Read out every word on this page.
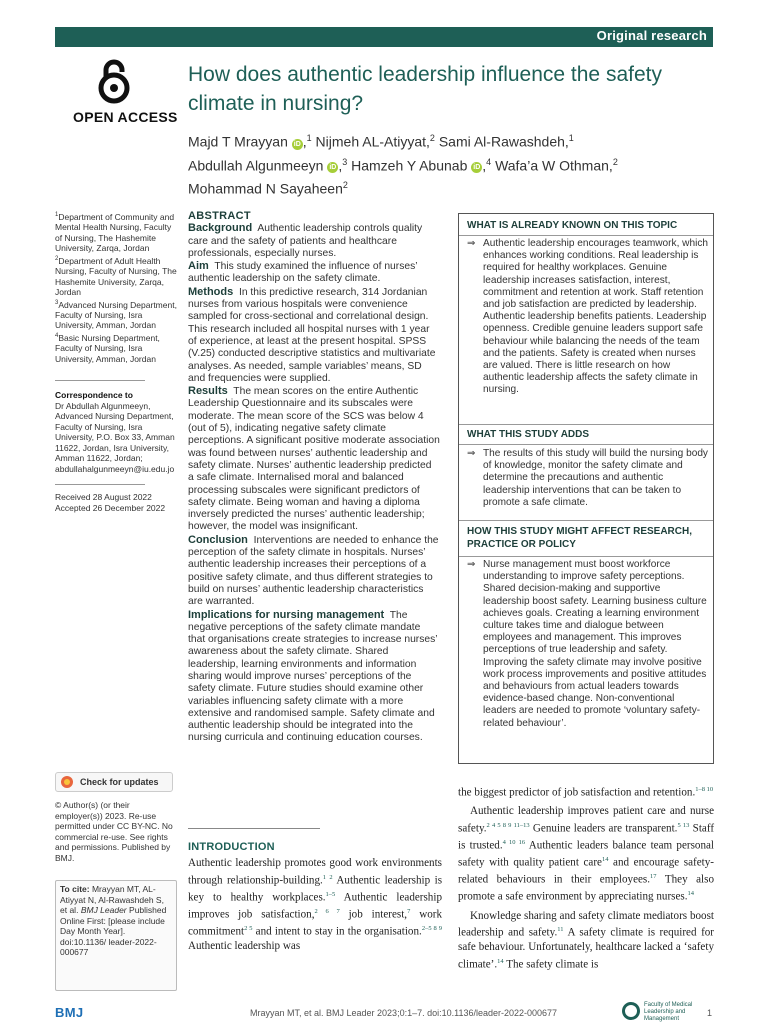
Original research
OPEN ACCESS
How does authentic leadership influence the safety climate in nursing?
Majd T Mrayyan iD ,$^1$ Nijmeh AL-Atiyyat,$^2$ Sami Al-Rawashdeh,$^1$
Abdullah Algunmeeyn iD ,$^3$ Hamzeh Y Abunab iD ,$^4$ Wafa’a W Othman,$^2$
Mohammad N Sayaheen$^2$
$^1$Department of Community and Mental Health Nursing, Faculty of Nursing, The Hashemite University, Zarqa, Jordan
$^2$Department of Adult Health Nursing, Faculty of Nursing, The Hashemite University, Zarqa, Jordan
$^3$Advanced Nursing Department, Faculty of Nursing, Isra University, Amman, Jordan
$^4$Basic Nursing Department, Faculty of Nursing, Isra University, Amman, Jordan
Correspondence to
Dr Abdullah Algunmeeyn, Advanced Nursing Department, Faculty of Nursing, Isra University, P.O. Box 33, Amman 11622, Jordan, Isra University, Amman 11622, Jordan; abdullahalgunmeeyn@iu.edu.jo
Received 28 August 2022
Accepted 26 December 2022
Check for updates
© Author(s) (or their employer(s)) 2023. Re-use permitted under CC BY-NC. No commercial re-use. See rights and permissions. Published by BMJ.
To cite: Mrayyan MT, AL-Atiyyat N, Al-Rawashdeh S, et al. BMJ Leader Published Online First: [please include Day Month Year]. doi:10.1136/ leader-2022-000677
ABSTRACT
Background Authentic leadership controls quality care and the safety of patients and healthcare professionals, especially nurses.
Aim This study examined the influence of nurses’ authentic leadership on the safety climate.
Methods In this predictive research, 314 Jordanian nurses from various hospitals were convenience sampled for cross-sectional and correlational design. This research included all hospital nurses with 1 year of experience, at least at the present hospital. SPSS (V.25) conducted descriptive statistics and multivariate analyses. As needed, sample variables’ means, SD and frequencies were supplied.
Results The mean scores on the entire Authentic Leadership Questionnaire and its subscales were moderate. The mean score of the SCS was below 4 (out of 5), indicating negative safety climate perceptions. A significant positive moderate association was found between nurses’ authentic leadership and safety climate. Nurses’ authentic leadership predicted a safe climate. Internalised moral and balanced processing subscales were significant predictors of safety climate. Being woman and having a diploma inversely predicted the nurses’ authentic leadership; however, the model was insignificant.
Conclusion Interventions are needed to enhance the perception of the safety climate in hospitals. Nurses’ authentic leadership increases their perceptions of a positive safety climate, and thus different strategies to build on nurses’ authentic leadership characteristics are warranted.
Implications for nursing management The negative perceptions of the safety climate mandate that organisations create strategies to increase nurses’ awareness about the safety climate. Shared leadership, learning environments and information sharing would improve nurses’ perceptions of the safety climate. Future studies should examine other variables influencing safety climate with a more extensive and randomised sample. Safety climate and authentic leadership should be integrated into the nursing curricula and continuing education courses.
WHAT IS ALREADY KNOWN ON THIS TOPIC
⇒ Authentic leadership encourages teamwork, which enhances working conditions. Real leadership is required for healthy workplaces. Genuine leadership increases satisfaction, interest, commitment and retention at work. Staff retention and job satisfaction are predicted by leadership. Authentic leadership benefits patients. Leadership openness. Credible genuine leaders support safe behaviour while balancing the needs of the team and the patients. Safety is created when nurses are valued. There is little research on how authentic leadership affects the safety climate in nursing.
WHAT THIS STUDY ADDS
⇒ The results of this study will build the nursing body of knowledge, monitor the safety climate and determine the precautions and authentic leadership interventions that can be taken to promote a safe climate.
HOW THIS STUDY MIGHT AFFECT RESEARCH, PRACTICE OR POLICY
⇒ Nurse management must boost workforce understanding to improve safety perceptions. Shared decision-making and supportive leadership boost safety. Learning business culture achieves goals. Creating a learning environment culture takes time and dialogue between employees and management. This improves perceptions of true leadership and safety. Improving the safety climate may involve positive work process improvements and positive attitudes and behaviours from actual leaders towards evidence-based change. Non-conventional leaders are needed to promote ‘voluntary safety-related behaviour’.
INTRODUCTION
Authentic leadership promotes good work environments through relationship-building.$^{1 2}$ Authentic leadership is key to healthy workplaces.$^{1-5}$ Authentic leadership improves job satisfaction,$^{2 6 7}$ job interest,$^7$ work commitment$^{2 5}$ and intent to stay in the organisation.$^{2-5 8 9}$ Authentic leadership was

the biggest predictor of job satisfaction and retention.$^{1-8 10}$

Authentic leadership improves patient care and nurse safety.$^{2 4 5 8 9 11-13}$ Genuine leaders are transparent.$^{5 13}$ Staff is trusted.$^{4 10 16}$ Authentic leaders balance team personal safety with quality patient care$^{14}$ and encourage safety-related behaviours in their employees.$^{17}$ They also promote a safe environment by appreciating nurses.$^{14}$

Knowledge sharing and safety climate mediators boost leadership and safety.$^{11}$ A safety climate is required for safe behaviour. Unfortunately, healthcare lacked a ‘safety climate’.$^{14}$ The safety climate is

BMJ	Mrayyan MT, et al. BMJ Leader 2023;0:1–7. doi:10.1136/leader-2022-000677
Faculty of Medical Leadership and Management
1
